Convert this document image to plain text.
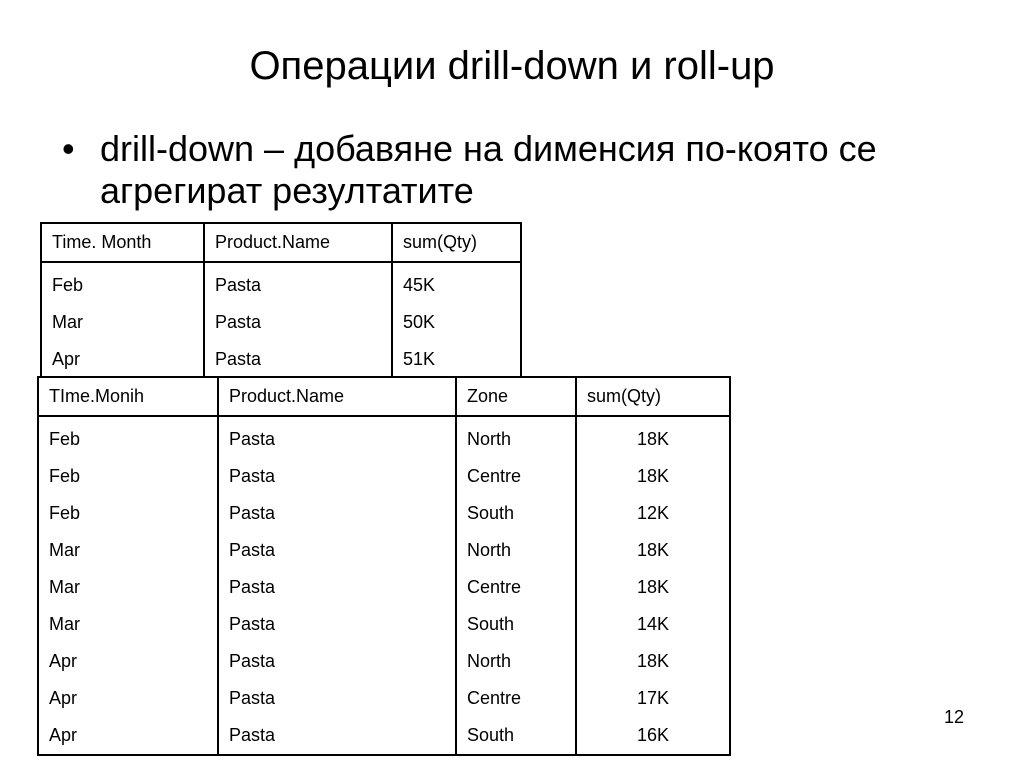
Операции drill-down и roll-up
• drill-down – добавяне на dименсия по-която се агрегират резултатите
Time. Month	Product.Name	sum(Qty)
Feb	Pasta	45K
Mar	Pasta	50K
Apr	Pasta	51K
TIme.Monih	Product.Name	Zone	sum(Qty)
Feb	Pasta	North	18K
Feb	Pasta	Centre	18K
Feb	Pasta	South	12K
Mar	Pasta	North	18K
Mar	Pasta	Centre	18K
Mar	Pasta	South	14K
Apr	Pasta	North	18K
Apr	Pasta	Centre	17K
Apr	Pasta	South	16K
12
